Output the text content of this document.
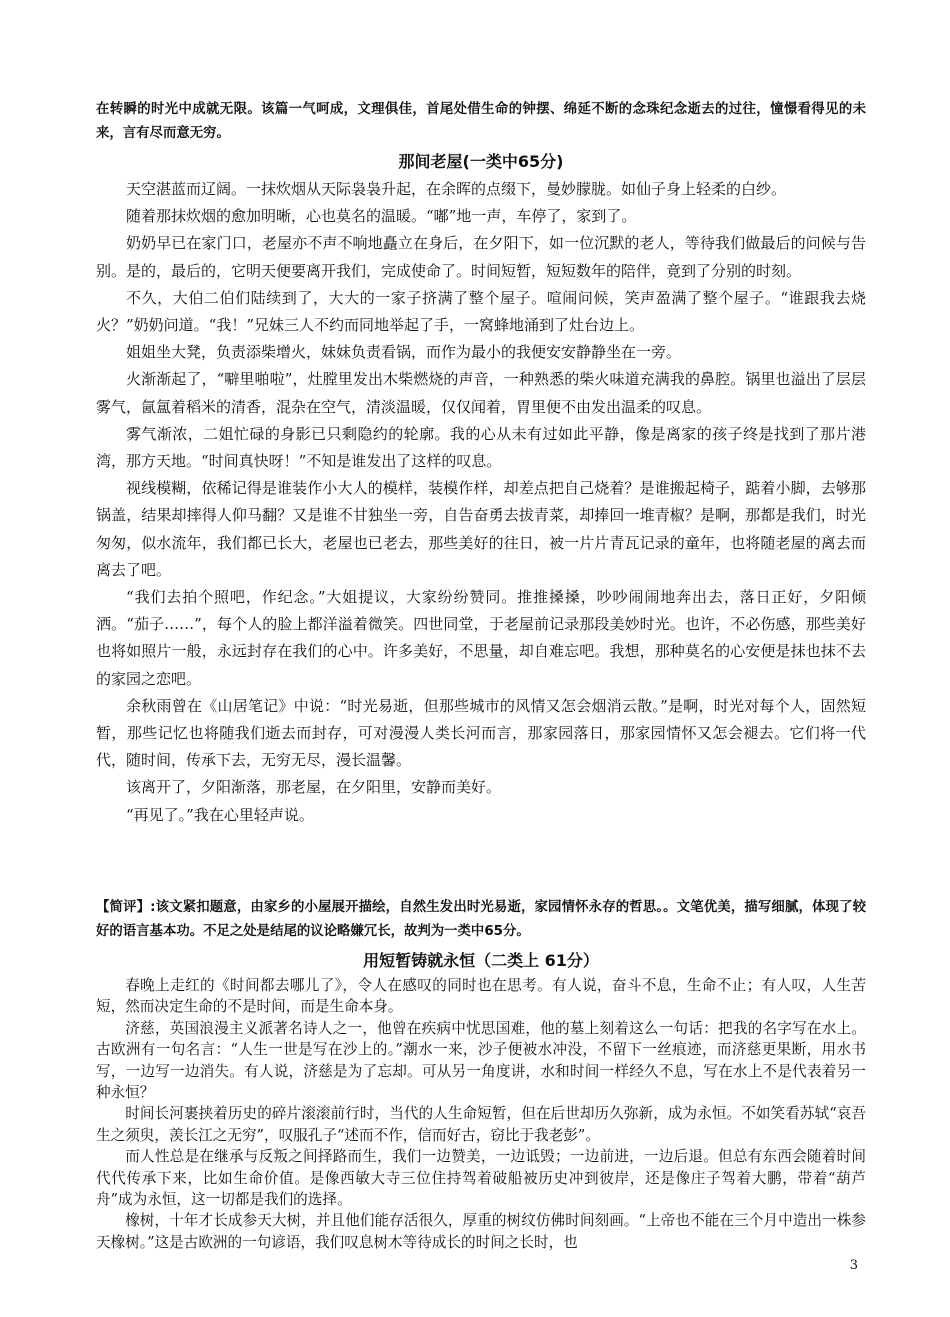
在转瞬的时光中成就无限。该篇一气呵成，文理俱佳，首尾处借生命的钟摆、绵延不断的念珠纪念逝去的过往，憧憬看得见的未来，言有尽而意无穷。

那间老屋(一类中65分)

天空湛蓝而辽阔。一抹炊烟从天际袅袅升起，在余晖的点缀下，曼妙朦胧。如仙子身上轻柔的白纱。

随着那抹炊烟的愈加明晰，心也莫名的温暖。“嘟”地一声，车停了，家到了。

奶奶早已在家门口，老屋亦不声不响地矗立在身后，在夕阳下，如一位沉默的老人，等待我们做最后的问候与告别。是的，最后的，它明天便要离开我们，完成使命了。时间短暂，短短数年的陪伴，竟到了分别的时刻。

不久，大伯二伯们陆续到了，大大的一家子挤满了整个屋子。喧闹问候，笑声盈满了整个屋子。“谁跟我去烧火？”奶奶问道。“我！”兄妹三人不约而同地举起了手，一窝蜂地涌到了灶台边上。

姐姐坐大凳，负责添柴增火，妹妹负责看锅，而作为最小的我便安安静静坐在一旁。

火渐渐起了，“噼里啪啦”，灶膛里发出木柴燃烧的声音，一种熟悉的柴火味道充满我的鼻腔。锅里也溢出了层层雾气，氤氲着稻米的清香，混杂在空气，清淡温暖，仅仅闻着，胃里便不由发出温柔的叹息。

雾气渐浓，二姐忙碌的身影已只剩隐约的轮廓。我的心从未有过如此平静，像是离家的孩子终是找到了那片港湾，那方天地。“时间真快呀！”不知是谁发出了这样的叹息。

视线模糊，依稀记得是谁装作小大人的模样，装模作样，却差点把自己烧着？是谁搬起椅子，踮着小脚，去够那锅盖，结果却摔得人仰马翻？又是谁不甘独坐一旁，自告奋勇去拔青菜，却捧回一堆青椒？是啊，那都是我们，时光匆匆，似水流年，我们都已长大，老屋也已老去，那些美好的往日，被一片片青瓦记录的童年，也将随老屋的离去而离去了吧。

“我们去拍个照吧，作纪念。”大姐提议，大家纷纷赞同。推推搡搡，吵吵闹闹地奔出去，落日正好，夕阳倾洒。“茄子……”，每个人的脸上都洋溢着微笑。四世同堂，于老屋前记录那段美妙时光。也许，不必伤感，那些美好也将如照片一般，永远封存在我们的心中。许多美好，不思量，却自难忘吧。我想，那种莫名的心安便是抹也抹不去的家园之恋吧。

余秋雨曾在《山居笔记》中说：“时光易逝，但那些城市的风情又怎会烟消云散。”是啊，时光对每个人，固然短暂，那些记忆也将随我们逝去而封存，可对漫漫人类长河而言，那家园落日，那家园情怀又怎会褪去。它们将一代代，随时间，传承下去，无穷无尽，漫长温馨。

该离开了，夕阳渐落，那老屋，在夕阳里，安静而美好。

“再见了。”我在心里轻声说。

【简评】:该文紧扣题意，由家乡的小屋展开描绘，自然生发出时光易逝，家园情怀永存的哲思。。文笔优美，描写细腻，体现了较好的语言基本功。不足之处是结尾的议论略嫌冗长，故判为一类中65分。

用短暂铸就永恒（二类上 61分）

春晚上走红的《时间都去哪儿了》，令人在感叹的同时也在思考。有人说，奋斗不息，生命不止；有人叹，人生苦短，然而决定生命的不是时间，而是生命本身。

济慈，英国浪漫主义派著名诗人之一，他曾在疾病中忧思国难，他的墓上刻着这么一句话：把我的名字写在水上。古欧洲有一句名言：“人生一世是写在沙上的。”潮水一来，沙子便被水冲没，不留下一丝痕迹，而济慈更果断，用水书写，一边写一边消失。有人说，济慈是为了忘却。可从另一角度讲，水和时间一样经久不息，写在水上不是代表着另一种永恒？

时间长河裹挟着历史的碎片滚滚前行时，当代的人生命短暂，但在后世却历久弥新，成为永恒。不如笑看苏轼“哀吾生之须臾，羡长江之无穷”，叹服孔子“述而不作，信而好古，窃比于我老彭”。

而人性总是在继承与反叛之间择路而生，我们一边赞美，一边诋毁；一边前进，一边后退。但总有东西会随着时间代代传承下来，比如生命价值。是像西敏大寺三位住持驾着破船被历史冲到彼岸，还是像庄子驾着大鹏，带着“葫芦舟”成为永恒，这一切都是我们的选择。

橡树，十年才长成参天大树，并且他们能存活很久，厚重的树纹仿佛时间刻画。“上帝也不能在三个月中造出一株参天橡树。”这是古欧洲的一句谚语，我们叹息树木等待成长的时间之长时，也

3
